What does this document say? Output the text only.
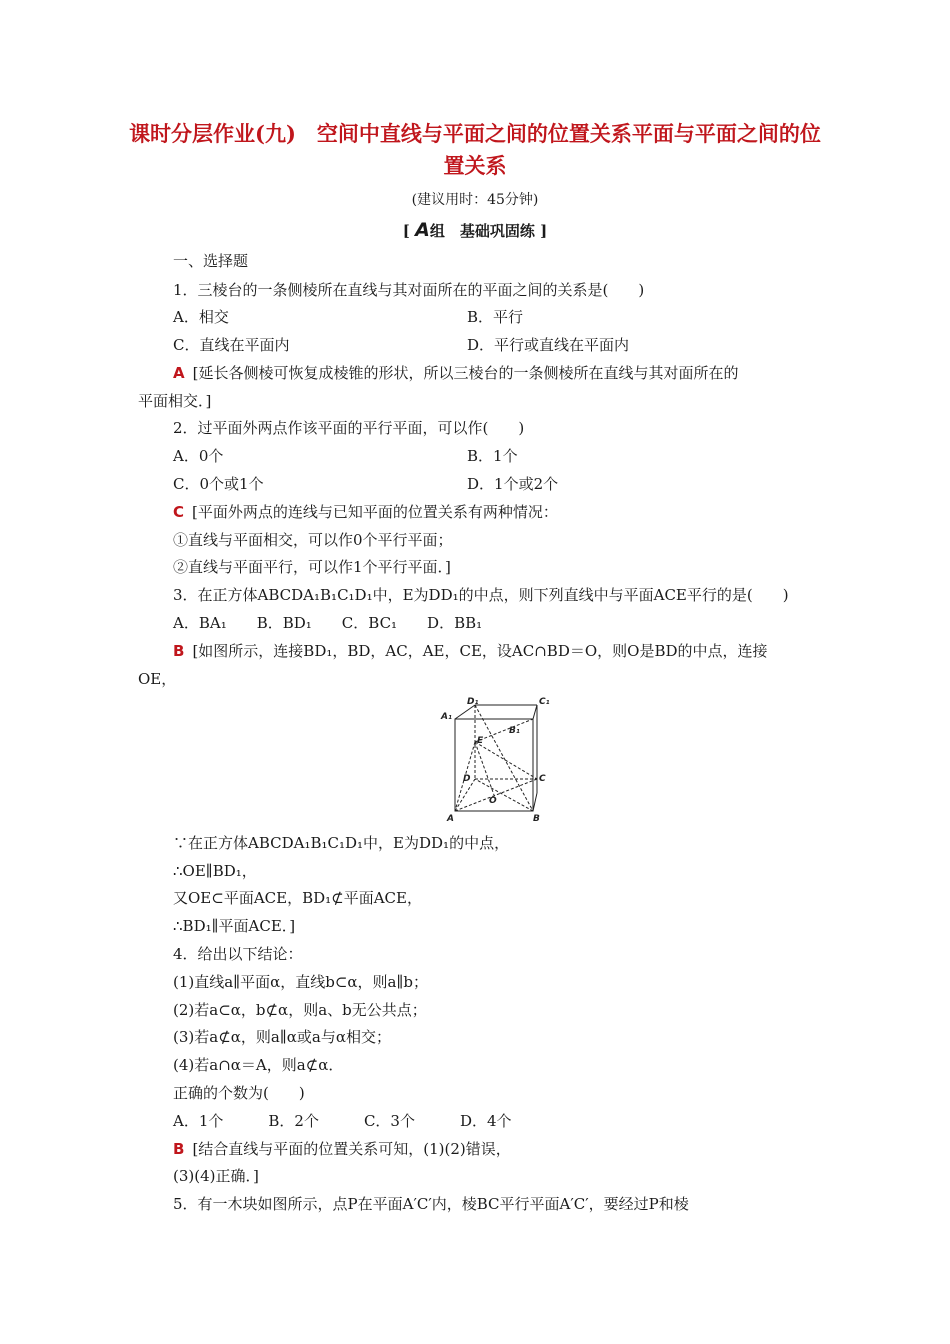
课时分层作业(九)　空间中直线与平面之间的位置关系平面与平面之间的位置关系
(建议用时：45分钟)
[ A组　基础巩固练 ]
一、选择题
1．三棱台的一条侧棱所在直线与其对面所在的平面之间的关系是(　　)
A．相交	B．平行
C．直线在平面内	D．平行或直线在平面内
A [延长各侧棱可恢复成棱锥的形状，所以三棱台的一条侧棱所在直线与其对面所在的
平面相交．]
2．过平面外两点作该平面的平行平面，可以作(　　)
A．0个	B．1个
C．0个或1个	D．1个或2个
C [平面外两点的连线与已知平面的位置关系有两种情况：
①直线与平面相交，可以作0个平行平面；
②直线与平面平行，可以作1个平行平面．]
3．在正方体ABCDA₁B₁C₁D₁中，E为DD₁的中点，则下列直线中与平面ACE平行的是(　　)
A．BA₁　　B．BD₁　　C．BC₁　　D．BB₁
B [如图所示，连接BD₁，BD，AC，AE，CE，设AC∩BD＝O，则O是BD的中点，连接
OE，
D₁	C₁
A₁
B₁
E
D	C
O
A	B
∵在正方体ABCDA₁B₁C₁D₁中，E为DD₁的中点，
∴OE∥BD₁，
又OE⊂平面ACE，BD₁⊄平面ACE，
∴BD₁∥平面ACE．]
4．给出以下结论：
(1)直线a∥平面α，直线b⊂α，则a∥b；
(2)若a⊂α，b⊄α，则a、b无公共点；
(3)若a⊄α，则a∥α或a与α相交；
(4)若a∩α＝A，则a⊄α．
正确的个数为(　　)
A．1个　　　B．2个　　　C．3个　　　D．4个
B [结合直线与平面的位置关系可知，(1)(2)错误，
(3)(4)正确．]
5．有一木块如图所示，点P在平面A′C′内，棱BC平行平面A′C′，要经过P和棱
